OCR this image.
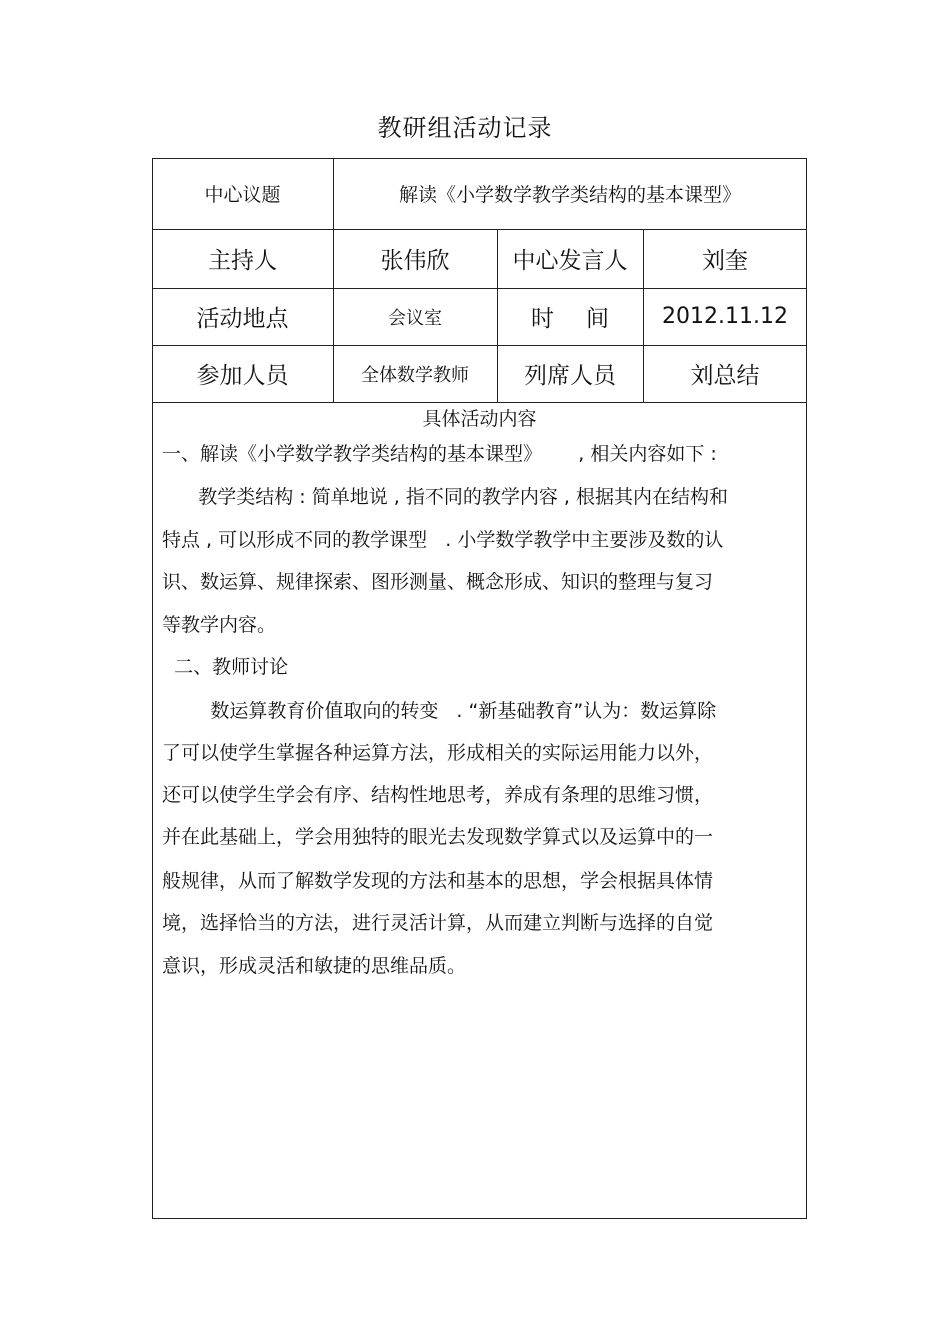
教研组活动记录
中心议题	解读《小学数学教学类结构的基本课型》
主持人	张伟欣	中心发言人	刘奎
活动地点	会议室	时间 2012.11.12
参加人员	全体数学教师	列席人员	刘总结
具体活动内容
一、解读《小学数学教学类结构的基本课型》      , 相关内容如下 :
教学类结构 : 简单地说 , 指不同的教学内容 , 根据其内在结构和
特点 , 可以形成不同的教学课型   . 小学数学教学中主要涉及数的认
识、数运算、规律探索、图形测量、概念形成、知识的整理与复习
等教学内容。
二、教师讨论
数运算教育价值取向的转变   . “新基础教育”认为：数运算除
了可以使学生掌握各种运算方法，形成相关的实际运用能力以外，
还可以使学生学会有序、结构性地思考，养成有条理的思维习惯，
并在此基础上，学会用独特的眼光去发现数学算式以及运算中的一
般规律，从而了解数学发现的方法和基本的思想，学会根据具体情
境，选择恰当的方法，进行灵活计算，从而建立判断与选择的自觉
意识，形成灵活和敏捷的思维品质。
